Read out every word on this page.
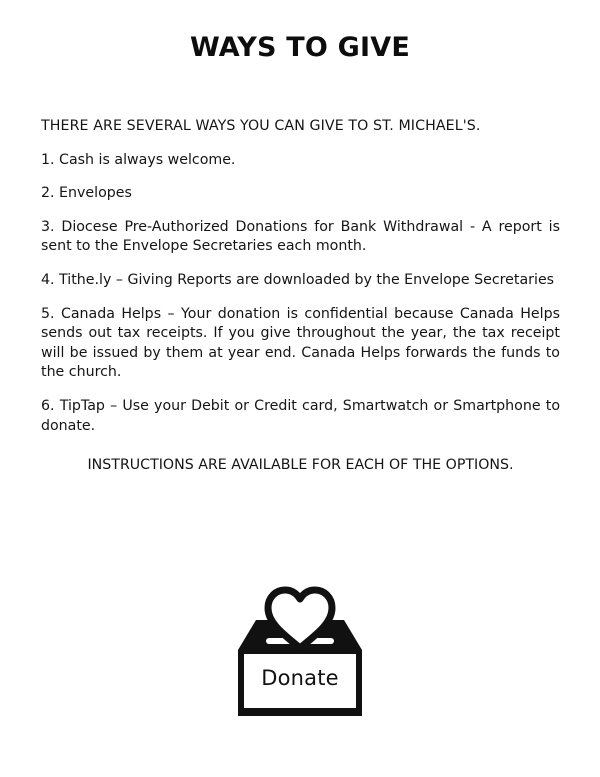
WAYS TO GIVE

THERE ARE SEVERAL WAYS YOU CAN GIVE TO ST. MICHAEL'S.

1. Cash is always welcome.

2. Envelopes

3. Diocese Pre-Authorized Donations for Bank Withdrawal - A report is sent to the Envelope Secretaries each month.

4. Tithe.ly – Giving Reports are downloaded by the Envelope Secretaries

5. Canada Helps – Your donation is confidential because Canada Helps sends out tax receipts. If you give throughout the year, the tax receipt will be issued by them at year end. Canada Helps forwards the funds to the church.

6. TipTap – Use your Debit or Credit card, Smartwatch or Smartphone to donate.

INSTRUCTIONS ARE AVAILABLE FOR EACH OF THE OPTIONS.

Donate
